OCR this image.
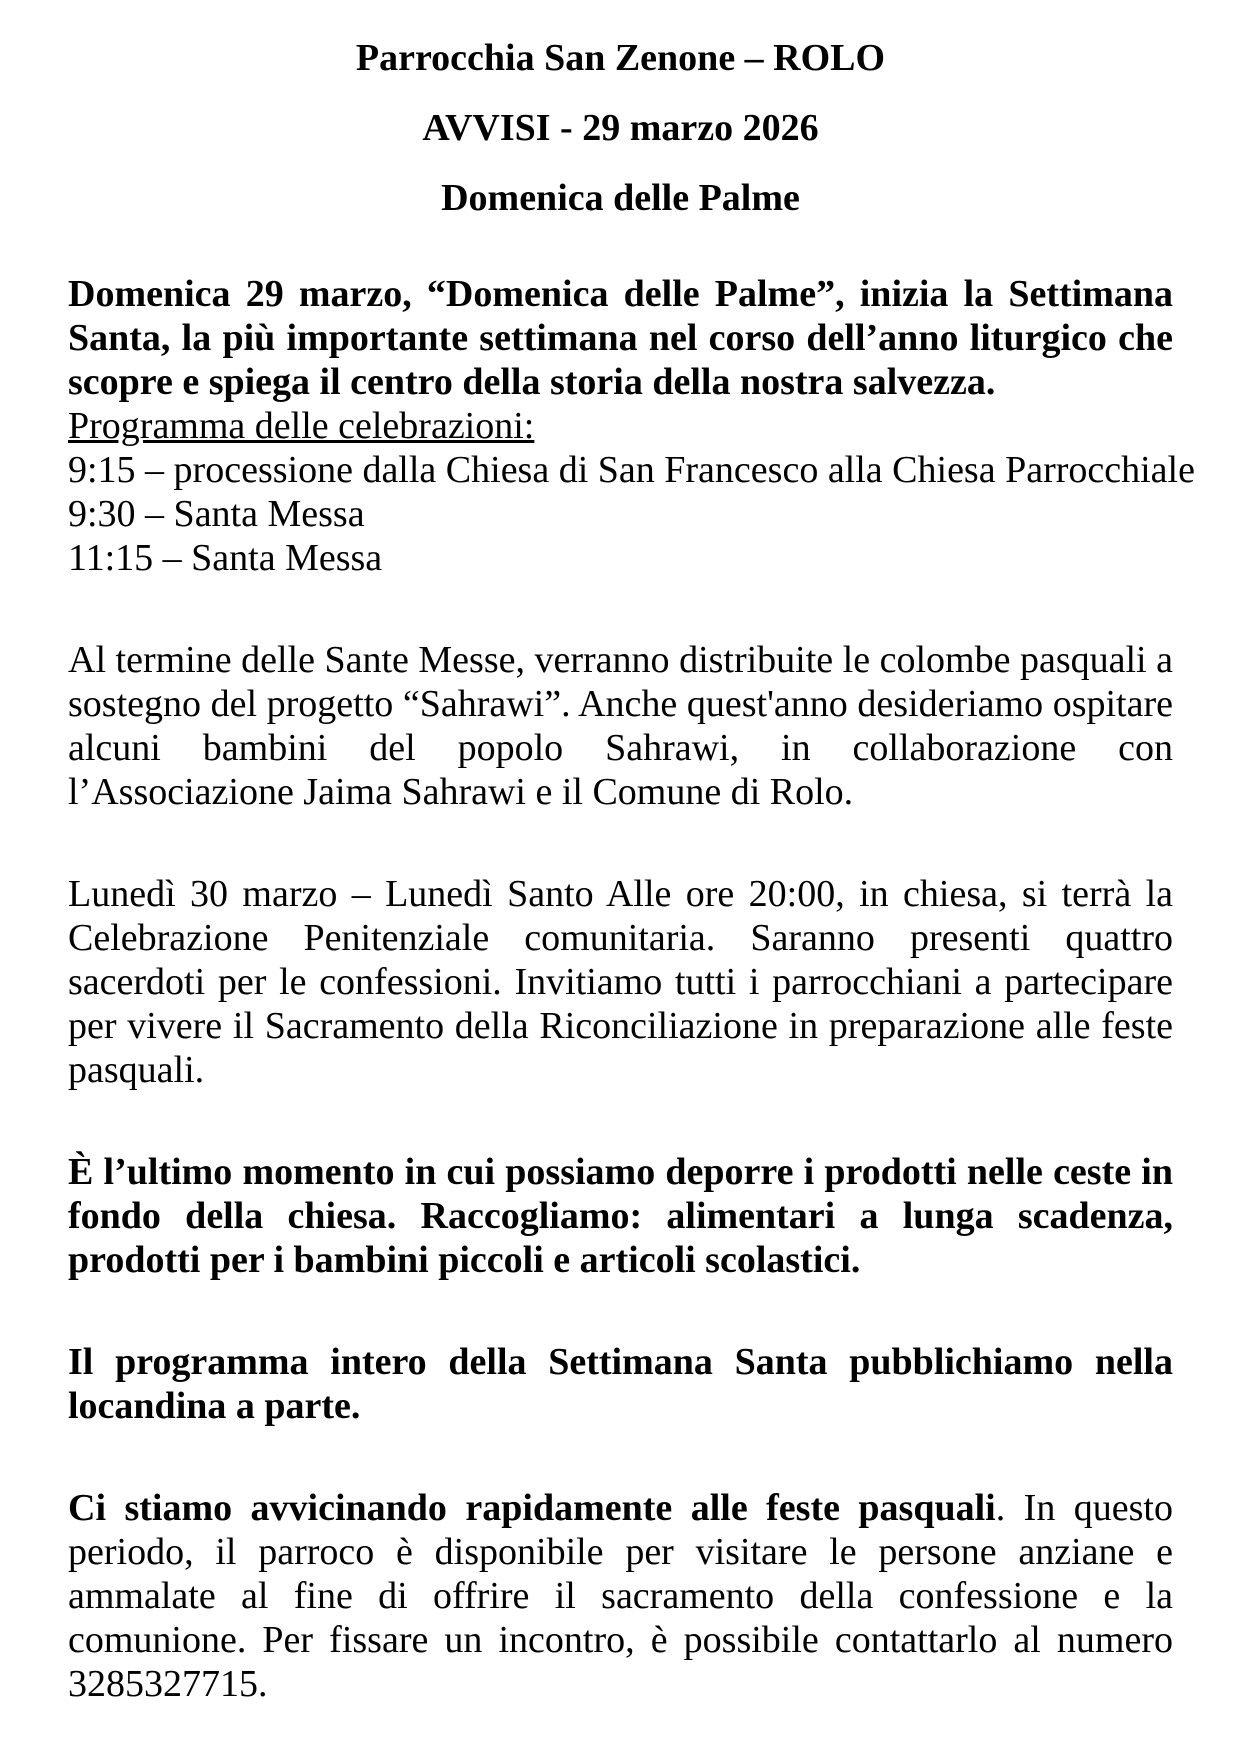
Parrocchia San Zenone – ROLO

AVVISI - 29 marzo 2026

Domenica delle Palme

Domenica 29 marzo, “Domenica delle Palme”, inizia la Settimana Santa, la più importante settimana nel corso dell’anno liturgico che scopre e spiega il centro della storia della nostra salvezza.

Programma delle celebrazioni:

9:15 – processione dalla Chiesa di San Francesco alla Chiesa Parrocchiale

9:30 – Santa Messa

11:15 – Santa Messa

Al termine delle Sante Messe, verranno distribuite le colombe pasquali a sostegno del progetto “Sahrawi”. Anche quest'anno desideriamo ospitare alcuni bambini del popolo Sahrawi, in collaborazione con l’Associazione Jaima Sahrawi e il Comune di Rolo.

Lunedì 30 marzo – Lunedì Santo Alle ore 20:00, in chiesa, si terrà la Celebrazione Penitenziale comunitaria. Saranno presenti quattro sacerdoti per le confessioni. Invitiamo tutti i parrocchiani a partecipare per vivere il Sacramento della Riconciliazione in preparazione alle feste pasquali.

È l’ultimo momento in cui possiamo deporre i prodotti nelle ceste in fondo della chiesa. Raccogliamo: alimentari a lunga scadenza, prodotti per i bambini piccoli e articoli scolastici.

Il programma intero della Settimana Santa pubblichiamo nella locandina a parte.

Ci stiamo avvicinando rapidamente alle feste pasquali. In questo periodo, il parroco è disponibile per visitare le persone anziane e ammalate al fine di offrire il sacramento della confessione e la comunione. Per fissare un incontro, è possibile contattarlo al numero 3285327715.
